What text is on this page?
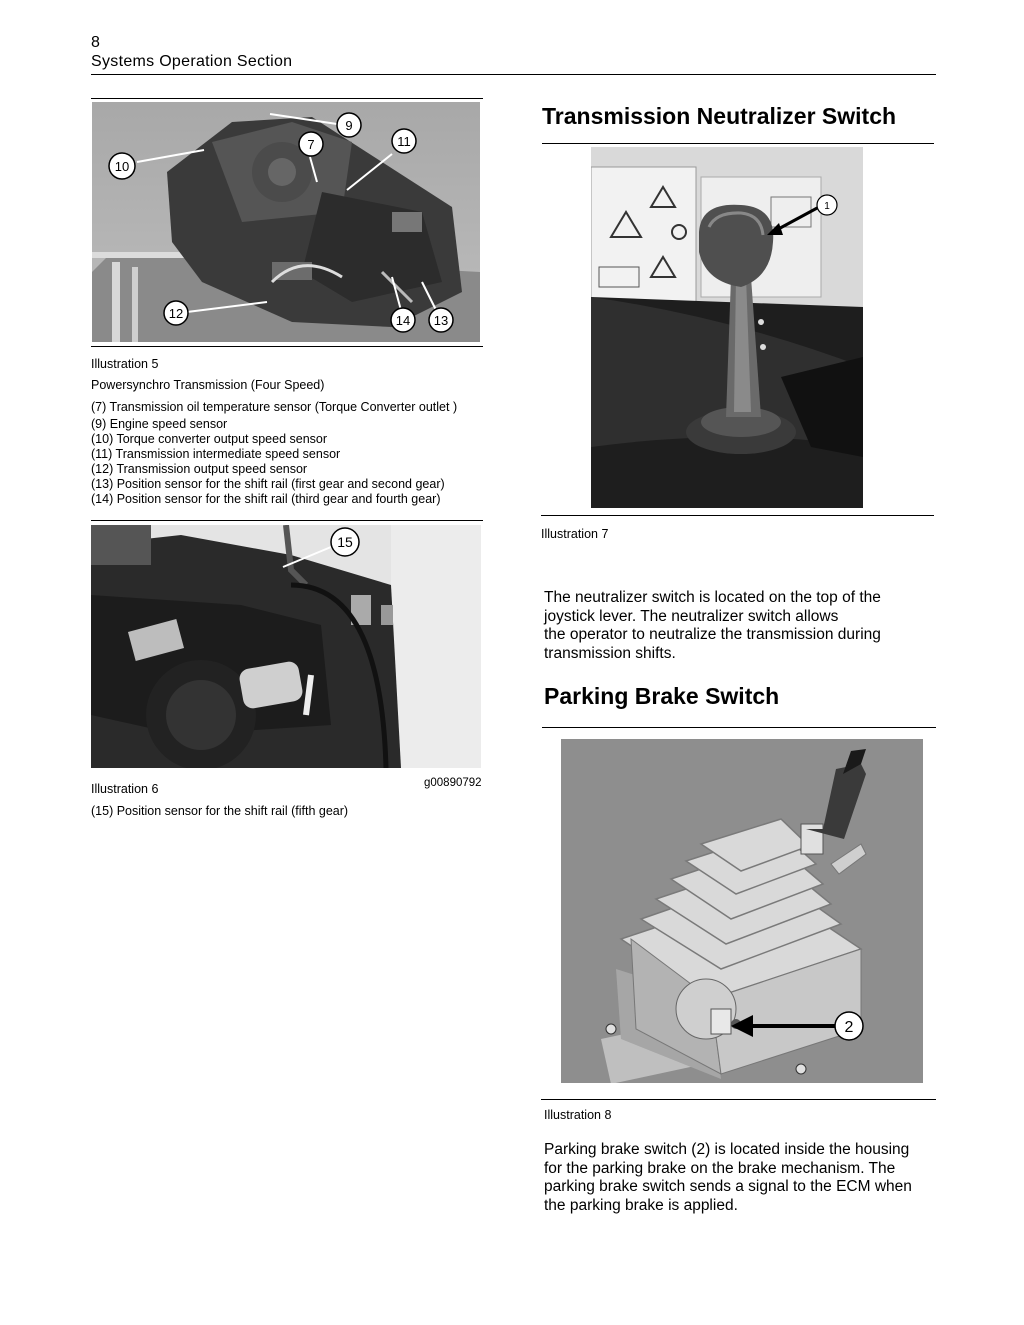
8
Systems Operation Section
9
7	11
10
12	14 13
Illustration 5
Powersynchro Transmission (Four Speed)
(7) Transmission oil temperature sensor (Torque Converter outlet )
(9) Engine speed sensor
(10) Torque converter output speed sensor
(11) Transmission intermediate speed sensor
(12) Transmission output speed sensor
(13) Position sensor for the shift rail (first gear and second gear)
(14) Position sensor for the shift rail (third gear and fourth gear)
15
Illustration 6	g00890792
(15) Position sensor for the shift rail (fifth gear)
Transmission Neutralizer Switch
1
Illustration 7
The neutralizer switch is located on the top of the
joystick lever. The neutralizer switch allows
the operator to neutralize the transmission during
transmission shifts.
Parking Brake Switch
2
Illustration 8
Parking brake switch (2) is located inside the housing
for the parking brake on the brake mechanism. The
parking brake switch sends a signal to the ECM when
the parking brake is applied.
